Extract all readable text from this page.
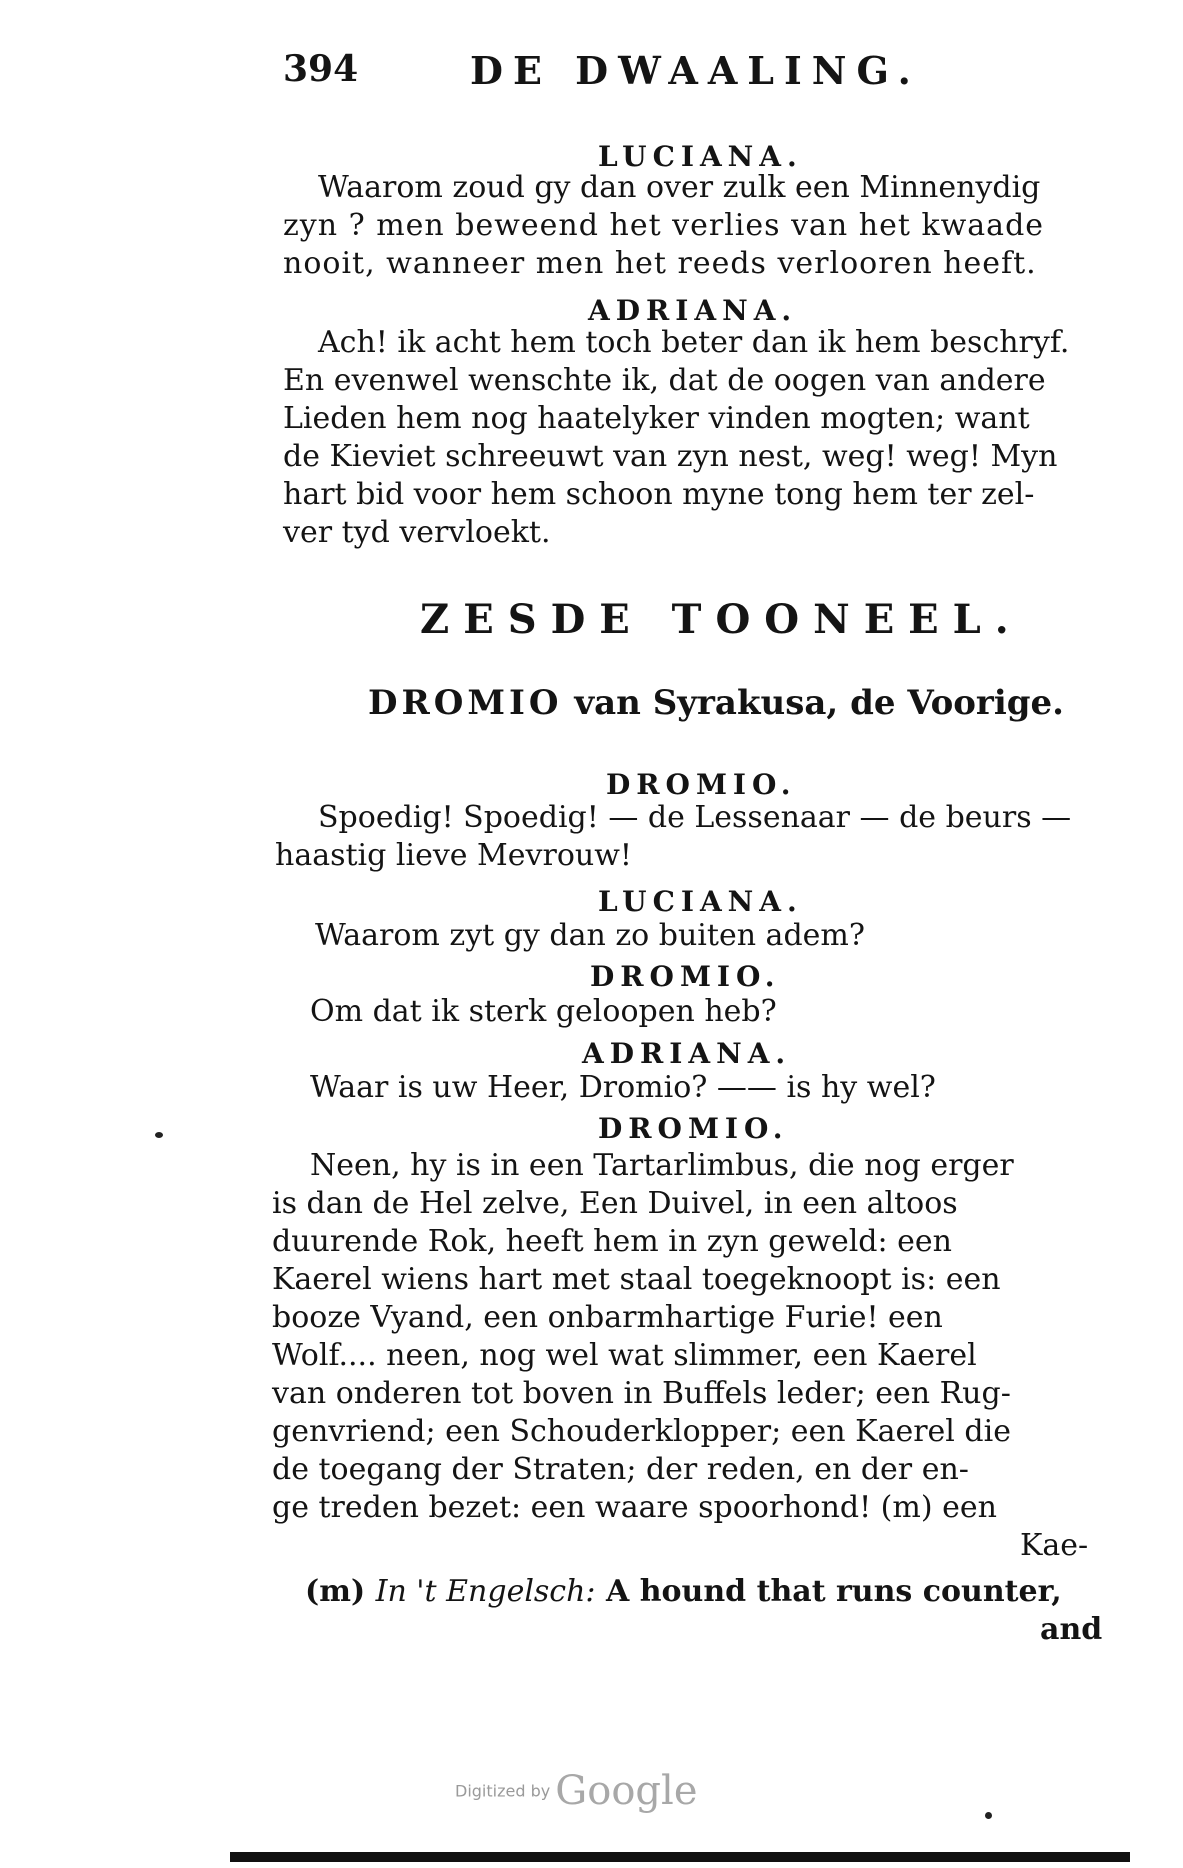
394	DE DWAALING.
LUCIANA.
Waarom zoud gy dan over zulk een Minnenydig
zyn ? men beweend het verlies van het kwaade
nooit, wanneer men het reeds verlooren heeft.
ADRIANA.
Ach! ik acht hem toch beter dan ik hem beschryf.
En evenwel wenschte ik, dat de oogen van andere
Lieden hem nog haatelyker vinden mogten; want
de Kieviet schreeuwt van zyn nest, weg! weg! Myn
hart bid voor hem schoon myne tong hem ter zel-
ver tyd vervloekt.
ZESDE TOONEEL.
DROMIO van Syrakusa, de Voorige.
DROMIO.
Spoedig! Spoedig! — de Lessenaar — de beurs —
haastig lieve Mevrouw!
LUCIANA.
Waarom zyt gy dan zo buiten adem?
DROMIO.
Om dat ik sterk geloopen heb?
ADRIANA.
Waar is uw Heer, Dromio? —— is hy wel?
DROMIO.
Neen, hy is in een Tartarlimbus, die nog erger
is dan de Hel zelve, Een Duivel, in een altoos
duurende Rok, heeft hem in zyn geweld: een
Kaerel wiens hart met staal toegeknoopt is: een
booze Vyand, een onbarmhartige Furie! een
Wolf.... neen, nog wel wat slimmer, een Kaerel
van onderen tot boven in Buffels leder; een Rug-
genvriend; een Schouderklopper; een Kaerel die
de toegang der Straten; der reden, en der en-
ge treden bezet: een waare spoorhond! (m) een
Kae-
(m) In 't Engelsch: A hound that runs counter,
and
Digitized by Google
